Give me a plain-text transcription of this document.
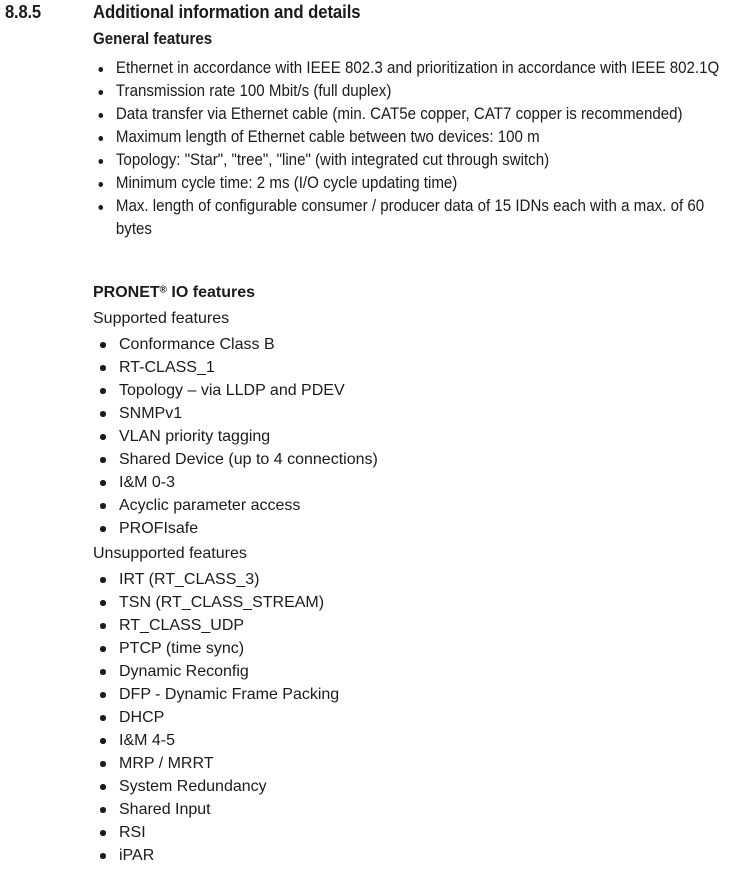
8.8.5	Additional information and details
General features
Ethernet in accordance with IEEE 802.3 and prioritization in accordance with IEEE 802.1Q
Transmission rate 100 Mbit/s (full duplex)
Data transfer via Ethernet cable (min. CAT5e copper, CAT7 copper is recommended)
Maximum length of Ethernet cable between two devices: 100 m
Topology: "Star", "tree", "line" (with integrated cut through switch)
Minimum cycle time: 2 ms (I/O cycle updating time)
Max. length of configurable consumer / producer data of 15 IDNs each with a max. of 60 bytes
PRONET® IO features
Supported features
Conformance Class B
RT-CLASS_1
Topology – via LLDP and PDEV
SNMPv1
VLAN priority tagging
Shared Device (up to 4 connections)
I&M 0-3
Acyclic parameter access
PROFIsafe
Unsupported features
IRT (RT_CLASS_3)
TSN (RT_CLASS_STREAM)
RT_CLASS_UDP
PTCP (time sync)
Dynamic Reconfig
DFP - Dynamic Frame Packing
DHCP
I&M 4-5
MRP / MRRT
System Redundancy
Shared Input
RSI
iPAR
